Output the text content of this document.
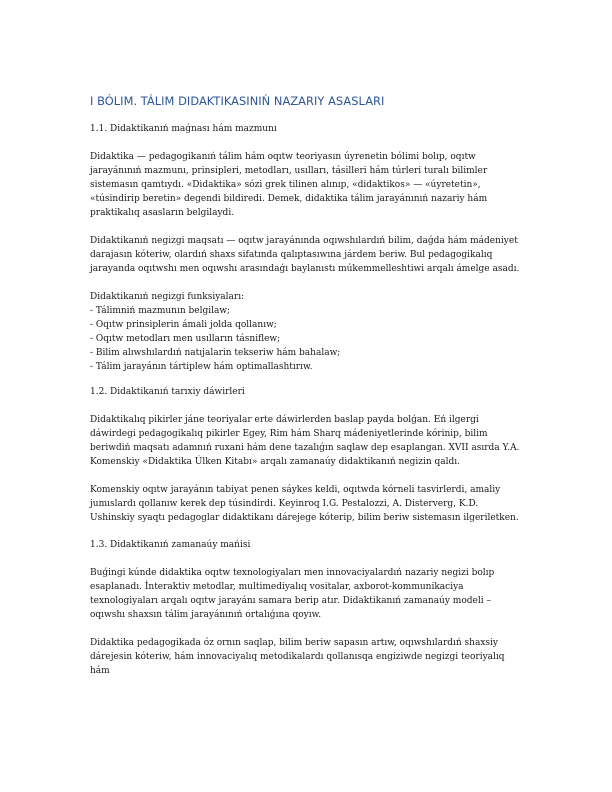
I BÓLIM. TÁLIM DIDAKTIKASINIŃ NAZARIY ASASLARI

1.1. Didaktikanıń maǵnası hám mazmunı

Didaktika — pedagogikanıń tálim hám oqıtw teoriyasın úyrenetin bólimi bolıp, oqıtw jarayánınıń mazmunı, prinsipleri, metodları, usılları, tásilleri hám túrleri turalı bilimler sistemasın qamtıydı. «Didaktika» sózi grek tilinen alınıp, «didaktikos» — «úyretetin», «túsindirip beretin» degendi bildiredi. Demek, didaktika tálim jarayánınıń nazariy hám praktikalıq asasların belgilaydi.

Didaktikanıń negizgi maqsatı — oqıtw jarayánında oqıwshılardıń bilim, daǵda hám mádeniyet darajasın kóteriw, olardıń shaxs sifatında qalıptasıwına járdem beriw. Bul pedagogikalıq jarayanda oqıtwshı men oqıwshı arasındaǵı baylanıstı múkemmelleshtiwi arqalı ámelge asadı.

Didaktikanıń negizgi funksiyaları:
- Tálimniń mazmunın belgilaw;
- Oqıtw prinsiplerin ámali jolda qollanıw;
- Oqıtw metodları men usılların tásniflew;
- Bilim alıwshılardıń natıjalarin tekseriw hám bahalaw;
- Tálim jarayánın tártiplew hám optimallashtırıw.

1.2. Didaktikanıń tarıxiy dáwirleri

Didaktikalıq pikirler jáne teoriyalar erte dáwirlerden baslap payda bolǵan. Eń ilgergi dáwirdegi pedagogikalıq pikirler Egey, Rim hám Sharq mádeniyetlerinde kórinip, bilim beriwdiń maqsatı adamnıń ruxani hám dene tazalıǵın saqlaw dep esaplangan. XVII asırda Y.A. Komenskiy «Didaktika Úlken Kitabı» arqalı zamanaúy didaktikanıń negizin qaldı.

Komenskiy oqıtw jarayánın tabiyat penen sáykes keldi, oqıtwda kórneli tasvirlerdi, amaliy jumıslardı qollanıw kerek dep túsindirdi. Keyinroq I.G. Pestalozzi, A. Disterverg, K.D. Ushinskiy syaqtı pedagoglar didaktikanı dárejege kóterip, bilim beriw sistemasın ilgeriletken.

1.3. Didaktikanıń zamanaúy mańisi

Buǵingi kúnde didaktika oqıtw texnologiyaları men innovaciyalardıń nazariy negizi bolıp esaplanadı. İnteraktiv metodlar, multimediyalıq vositalar, axborot-kommunikaciya texnologiyaları arqalı oqıtw jarayánı samara berip atır. Didaktikanıń zamanaúy modeli – oqıwshı shaxsın tálim jarayánınıń ortalıǵına qoyıw.

Didaktika pedagogikada óz ornın saqlap, bilim beriw sapasın artıw, oqıwshılardıń shaxsiy dárejesin kóteriw, hám innovaciyalıq metodikalardı qollanısqa engiziwde negizgi teoriyalıq hám
